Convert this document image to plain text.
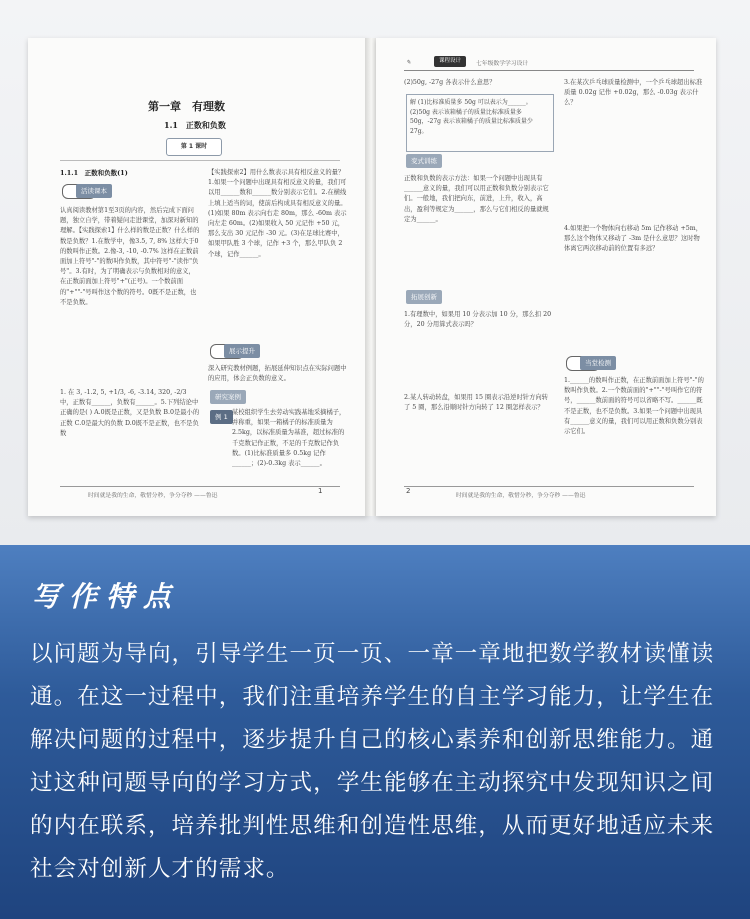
第一章　有理数
1.1　正数和负数
第 1 课时
1.1.1　正数和负数(1)
活读课本
认真阅读教材第1至3页的内容，然后完成下面问题，独立自学，带着疑问走进课堂，加深对新知的理解。【实践探索1】什么样的数是正数？什么样的数是负数？1.在数学中，像3.5, 7, 8% 这样大于0的数叫作正数。2.像-3, -10, -0.7% 这样在正数前面加上符号"-"的数叫作负数，其中符号"-"读作"负号"。3.有时，为了明确表示与负数相对的意义，在正数前面加上符号"+"(正号)。一个数前面的"+""-"号叫作这个数的符号。0既不是正数，也不是负数。
1. 在 3, -1.2, 5, +1/3, -6, -3.14, 320, -2/3 中，正数有______，负数有______。5.下列结论中正确的是( ) A.0既是正数，又是负数 B.0是最小的正数 C.0是最大的负数 D.0既不是正数，也不是负数
【实践探索2】用什么数表示具有相反意义的量？1.如果一个问题中出现具有相反意义的量，我们可以用______数和______数分别表示它们。2.在横线上填上适当的词，使前后构成具有相反意义的量。(1)如果 80m 表示向右走 80m，那么 -60m 表示向左走 60m。(2)如果收入 50 元记作 +50 元，那么支出 30 元记作 -30 元。(3)在足球比赛中，如果甲队胜 3 个球，记作 +3 个，那么甲队负 2 个球，记作______。
展示提升
深入研究教材例题，拓展延伸知识点在实际问题中的应用，体会正负数的意义。
研究案例
例 1
某校组织学生去劳动实践基地采摘橘子，并称重，如果一箱橘子的标准质量为 2.5kg，以标准质量为基准，超过标准的千克数记作正数，不足的千克数记作负数。(1)比标准质量多 0.5kg 记作______；(2)-0.3kg 表示______。
时间就是我的生命，敬惜分秒，争分夺秒 ——鲁迅
1
✎	课程设计	七年级数学学习设计
(2)50g, -27g 各表示什么意思？
解 (1)比标准质量多 50g 可以表示为______。(2)50g 表示该箱橘子的质量比标准质量多 50g，-27g 表示该箱橘子的质量比标准质量少 27g。
变式训练
正数和负数的表示方法：如果一个问题中出现具有______意义的量，我们可以用正数和负数分别表示它们。一般地，我们把向东，前进，上升，收入，高出，盈利等规定为______，那么与它们相反的量就规定为______。
拓展创新
1.有理数中，如果用 10 分表示加 10 分，那么扣 20 分，20 分用算式表示吗？
2.某人转动转盘，如果用 15 圈表示沿逆时针方向转了 5 圈，那么沿顺时针方向转了 12 圈怎样表示？
3.在某次乒乓球质量检测中，一个乒乓球超出标准质量 0.02g 记作 +0.02g，那么 -0.03g 表示什么？
4.如果把一个物体向右移动 5m 记作移动 +5m，那么这个物体又移动了 -3m 是什么意思？这时物体离它两次移动前的位置有多远？
当堂检测
1.______的数叫作正数，在正数前面加上符号"-"的数叫作负数。2.一个数前面的"+""-"号叫作它的符号，______数前面的符号可以省略不写。______既不是正数，也不是负数。3.如果一个问题中出现具有______意义的量，我们可以用正数和负数分别表示它们。
2
时间就是我的生命，敬惜分秒，争分夺秒 ——鲁迅
写作特点
以问题为导向，引导学生一页一页、一章一章地把数学教材读懂读通。在这一过程中，我们注重培养学生的自主学习能力，让学生在解决问题的过程中，逐步提升自己的核心素养和创新思维能力。通过这种问题导向的学习方式，学生能够在主动探究中发现知识之间的内在联系，培养批判性思维和创造性思维，从而更好地适应未来社会对创新人才的需求。
